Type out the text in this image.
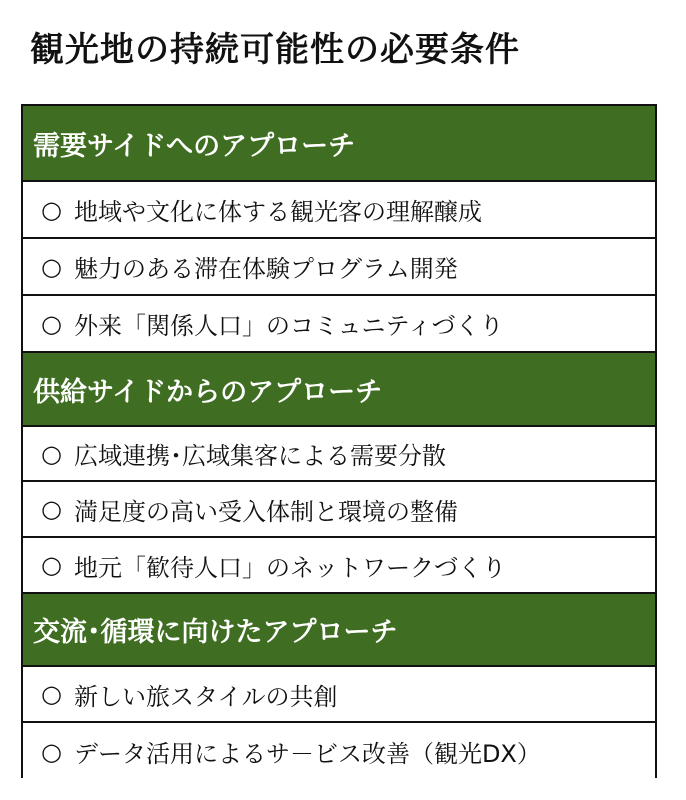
観光地の持続可能性の必要条件
需要サイドへのアプローチ
○ 地域や文化に体する観光客の理解醸成
○ 魅力のある滞在体験プログラム開発
○ 外来「関係人口」のコミュニティづくり
供給サイドからのアプローチ
○ 広域連携･広域集客による需要分散
○ 満足度の高い受入体制と環境の整備
○ 地元「歓待人口」のネットワークづくり
交流･循環に向けたアプローチ
○ 新しい旅スタイルの共創
○ データ活用によるサ－ビス改善（観光DX）
